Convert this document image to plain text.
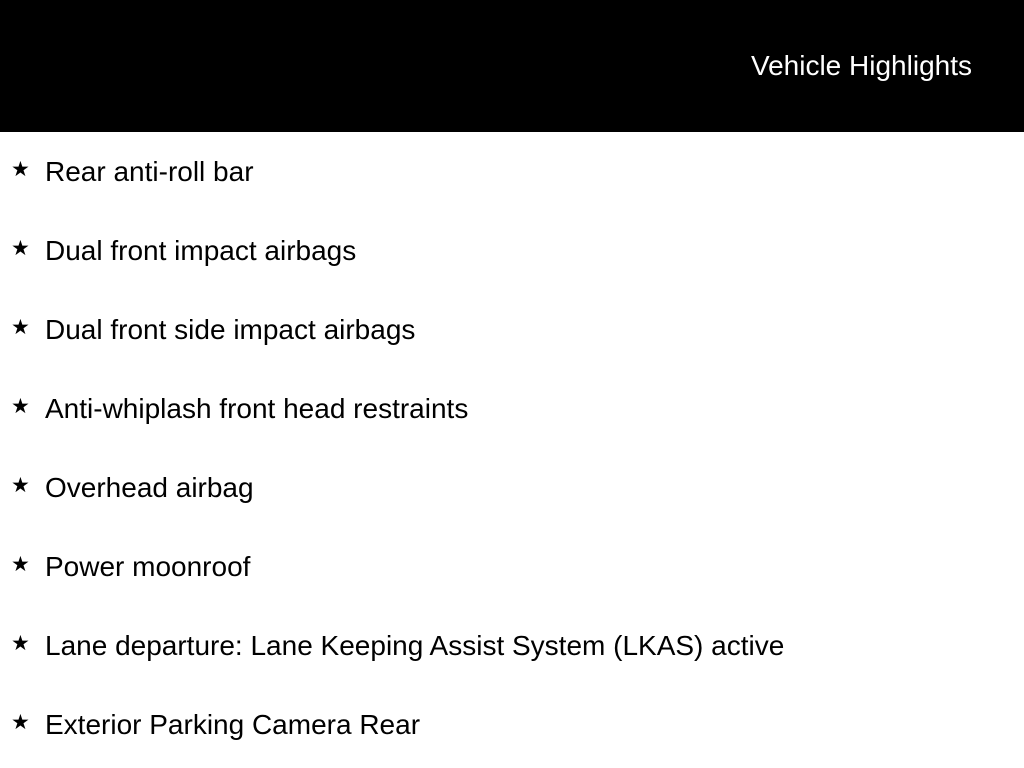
Vehicle Highlights
★ Rear anti-roll bar
★ Dual front impact airbags
★ Dual front side impact airbags
★ Anti-whiplash front head restraints
★ Overhead airbag
★ Power moonroof
★ Lane departure: Lane Keeping Assist System (LKAS) active
★ Exterior Parking Camera Rear
